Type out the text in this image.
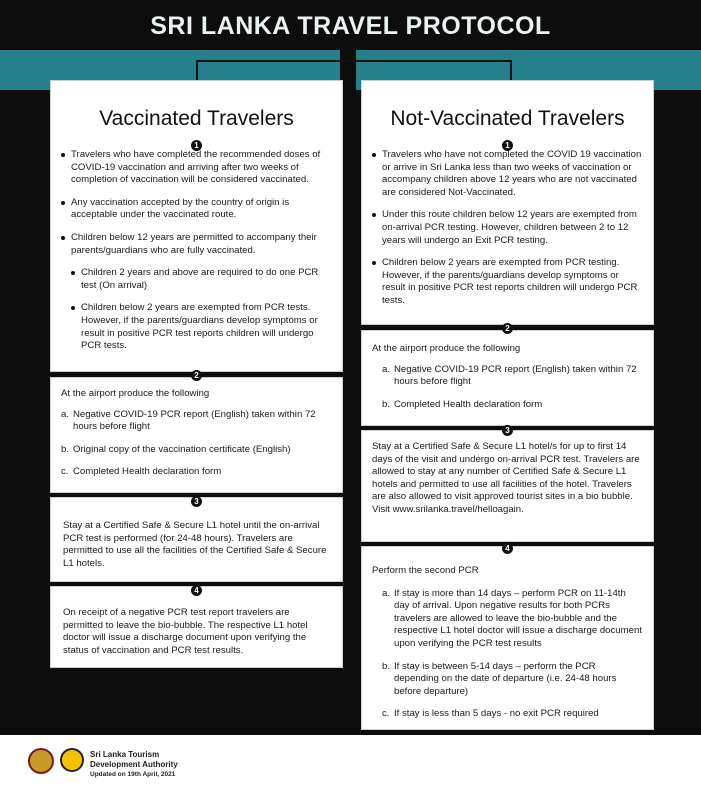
SRI LANKA TRAVEL PROTOCOL
Vaccinated Travelers
1
Travelers who have completed the recommended doses of COVID-19 vaccination and arriving after two weeks of completion of vaccination will be considered vaccinated.
Any vaccination accepted by the country of origin is acceptable under the vaccinated route.
Children below 12 years are permitted to accompany their parents/guardians who are fully vaccinated.
Children 2 years and above are required to do one PCR test (On arrival)
Children below 2 years are exempted from PCR tests. However, if the parents/guardians develop symptoms or result in positive PCR test reports children will undergo PCR tests.
2
At the airport produce the following
a. Negative COVID-19 PCR report (English) taken within 72 hours before flight
b. Original copy of the vaccination certificate (English)
c. Completed Health declaration form
3
Stay at a Certified Safe & Secure L1 hotel until the on-arrival PCR test is performed (for 24-48 hours). Travelers are permitted to use all the facilities of the Certified Safe & Secure L1 hotels.
4
On receipt of a negative PCR test report travelers are permitted to leave the bio-bubble. The respective L1 hotel doctor will issue a discharge document upon verifying the status of vaccination and PCR test results.
Not-Vaccinated Travelers
1
Travelers who have not completed the COVID 19 vaccination or arrive in Sri Lanka less than two weeks of vaccination or accompany children above 12 years who are not vaccinated are considered Not-Vaccinated.
Under this route children below 12 years are exempted from on-arrival PCR testing. However, children between 2 to 12 years will undergo an Exit PCR testing.
Children below 2 years are exempted from PCR testing. However, if the parents/guardians develop symptoms or result in positive PCR test reports children will undergo PCR tests.
2
At the airport produce the following
a. Negative COVID-19 PCR report (English) taken within 72 hours before flight
b. Completed Health declaration form
3
Stay at a Certified Safe & Secure L1 hotel/s for up to first 14 days of the visit and undergo on-arrival PCR test. Travelers are allowed to stay at any number of Certified Safe & Secure L1 hotels and permitted to use all facilities of the hotel. Travelers are also allowed to visit approved tourist sites in a bio bubble.
Visit www.srilanka.travel/helloagain.
4
Perform the second PCR
a. If stay is more than 14 days – perform PCR on 11-14th day of arrival. Upon negative results for both PCRs travelers are allowed to leave the bio-bubble and the respective L1 hotel doctor will issue a discharge document upon verifying the PCR test results
b. If stay is between 5-14 days – perform the PCR depending on the date of departure (i.e. 24-48 hours before departure)
c. If stay is less than 5 days - no exit PCR required
Sri Lanka Tourism
Development Authority
Updated on 19th April, 2021
